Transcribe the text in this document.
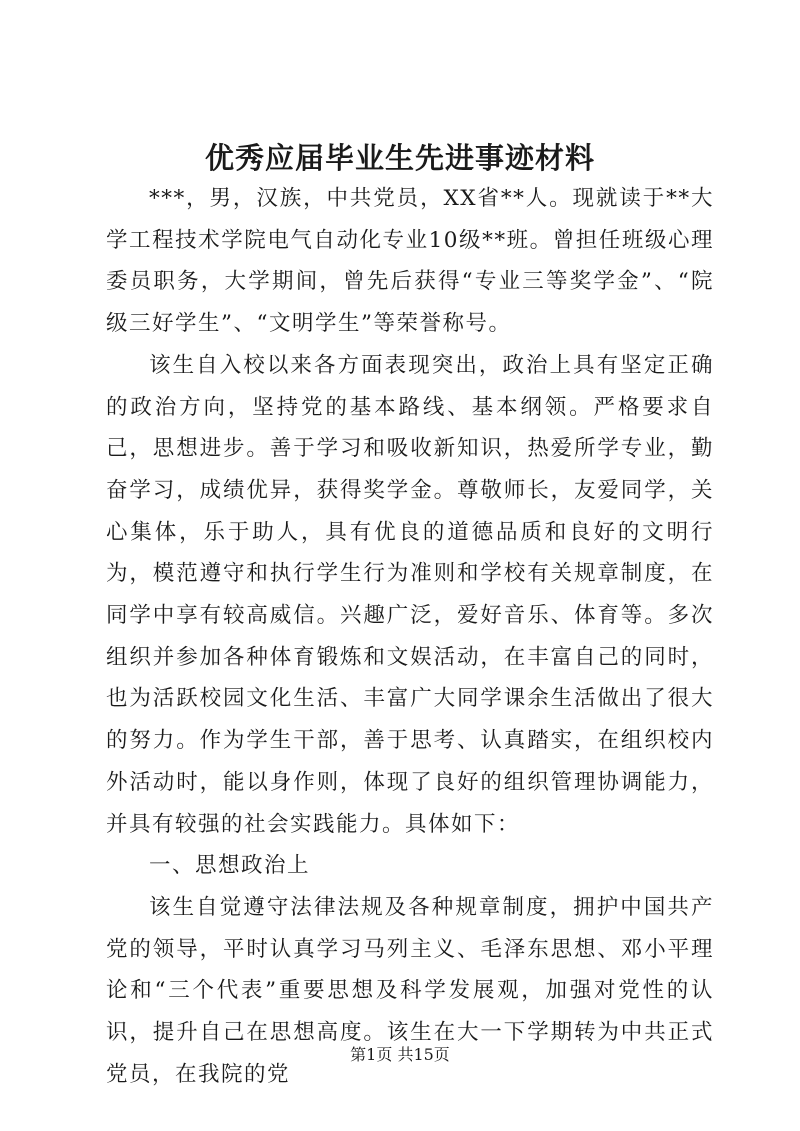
优秀应届毕业生先进事迹材料

***，男，汉族，中共党员，XX省**人。现就读于**大学工程技术学院电气自动化专业10级**班。曾担任班级心理委员职务，大学期间，曾先后获得“专业三等奖学金”、“院级三好学生”、“文明学生”等荣誉称号。

该生自入校以来各方面表现突出，政治上具有坚定正确的政治方向，坚持党的基本路线、基本纲领。严格要求自己，思想进步。善于学习和吸收新知识，热爱所学专业，勤奋学习，成绩优异，获得奖学金。尊敬师长，友爱同学，关心集体，乐于助人，具有优良的道德品质和良好的文明行为，模范遵守和执行学生行为准则和学校有关规章制度，在同学中享有较高威信。兴趣广泛，爱好音乐、体育等。多次组织并参加各种体育锻炼和文娱活动，在丰富自己的同时，也为活跃校园文化生活、丰富广大同学课余生活做出了很大的努力。作为学生干部，善于思考、认真踏实，在组织校内外活动时，能以身作则，体现了良好的组织管理协调能力，并具有较强的社会实践能力。具体如下：

一、思想政治上

该生自觉遵守法律法规及各种规章制度，拥护中国共产党的领导，平时认真学习马列主义、毛泽东思想、邓小平理论和“三个代表”重要思想及科学发展观，加强对党性的认识，提升自己在思想高度。该生在大一下学期转为中共正式党员，在我院的党

第1页 共15页
